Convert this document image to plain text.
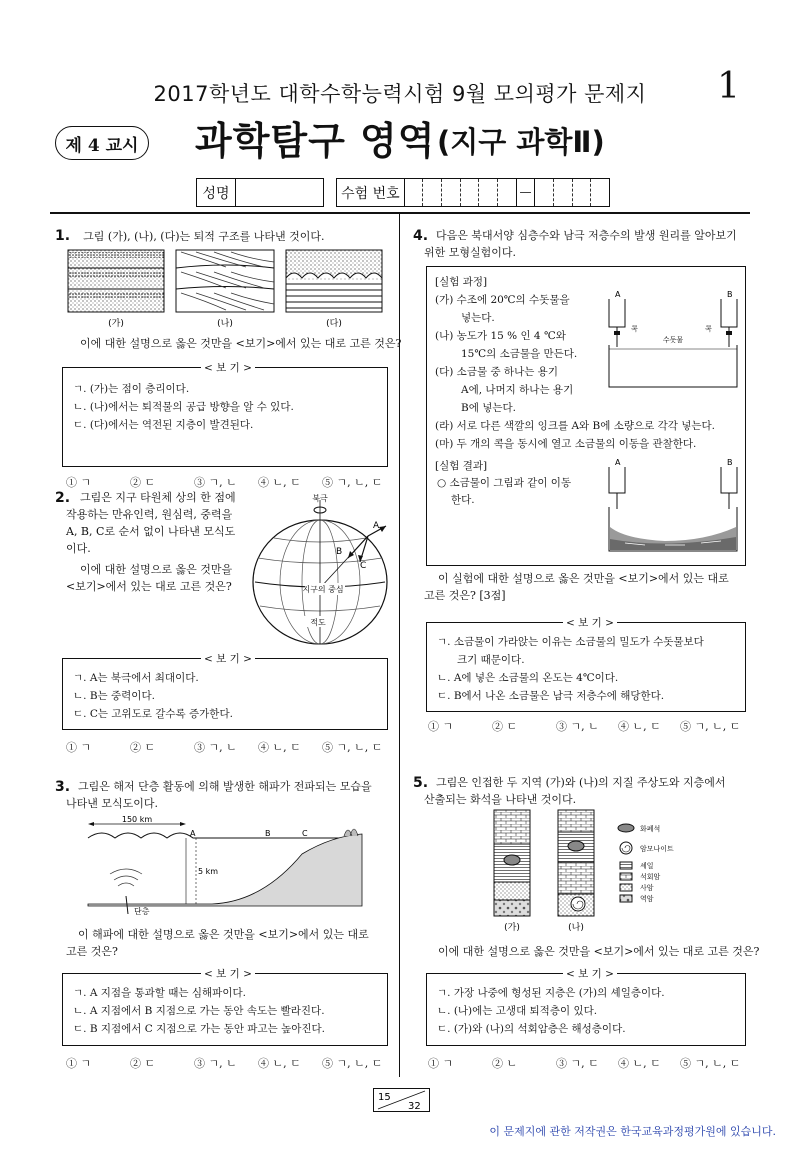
2017학년도 대학수학능력시험 9월 모의평가 문제지	1
제 4 교시 과학탐구 영역 (지구 과학Ⅱ)
성명	수험 번호	—
1. 그림 (가), (나), (다)는 퇴적 구조를 나타낸 것이다.
(가)	(나)	(다)
이에 대한 설명으로 옳은 것만을 <보기>에서 있는 대로 고른 것은?
< 보 기 >
ㄱ. (가)는 점이 층리이다.
ㄴ. (나)에서는 퇴적물의 공급 방향을 알 수 있다.
ㄷ. (다)에서는 역전된 지층이 발견된다.
① ㄱ	② ㄷ	③ ㄱ, ㄴ	④ ㄴ, ㄷ	⑤ ㄱ, ㄴ, ㄷ
2. 그림은 지구 타원체 상의 한 점에
작용하는 만유인력, 원심력, 중력을
A, B, C로 순서 없이 나타낸 모식도
이다.
이에 대한 설명으로 옳은 것만을
<보기>에서 있는 대로 고른 것은?
북극
A
B
C
지구의 중심
적도
< 보 기 >
ㄱ. A는 북극에서 최대이다.
ㄴ. B는 중력이다.
ㄷ. C는 고위도로 갈수록 증가한다.
① ㄱ	② ㄷ	③ ㄱ, ㄴ	④ ㄴ, ㄷ	⑤ ㄱ, ㄴ, ㄷ
3. 그림은 해저 단층 활동에 의해 발생한 해파가 전파되는 모습을
나타낸 모식도이다.
150 km
A	B	C
5 km
단층
이 해파에 대한 설명으로 옳은 것만을 <보기>에서 있는 대로
고른 것은?
< 보 기 >
ㄱ. A 지점을 통과할 때는 심해파이다.
ㄴ. A 지점에서 B 지점으로 가는 동안 속도는 빨라진다.
ㄷ. B 지점에서 C 지점으로 가는 동안 파고는 높아진다.
① ㄱ	② ㄷ	③ ㄱ, ㄴ	④ ㄴ, ㄷ	⑤ ㄱ, ㄴ, ㄷ
4. 다음은 북대서양 심층수와 남극 저층수의 발생 원리를 알아보기
위한 모형실험이다.
[실험 과정]
(가) 수조에 20℃의 수돗물을
넣는다.
(나) 농도가 15 % 인 4 ℃와
15℃의 소금물을 만든다.
(다) 소금물 중 하나는 용기
A에, 나머지 하나는 용기
B에 넣는다.
(라) 서로 다른 색깔의 잉크를 A와 B에 소량으로 각각 넣는다.
(마) 두 개의 콕을 동시에 열고 소금물의 이동을 관찰한다.
A	B
콕	콕
수돗물
[실험 결과]
○ 소금물이 그림과 같이 이동
한다.
A	B
이 실험에 대한 설명으로 옳은 것만을 <보기>에서 있는 대로
고른 것은? [3점]
< 보 기 >
ㄱ. 소금물이 가라앉는 이유는 소금물의 밀도가 수돗물보다
크기 때문이다.
ㄴ. A에 넣은 소금물의 온도는 4℃이다.
ㄷ. B에서 나온 소금물은 남극 저층수에 해당한다.
① ㄱ	② ㄷ	③ ㄱ, ㄴ	④ ㄴ, ㄷ	⑤ ㄱ, ㄴ, ㄷ
5. 그림은 인접한 두 지역 (가)와 (나)의 지질 주상도와 지층에서
산출되는 화석을 나타낸 것이다.
(가)	(나)
화폐석
암모나이트
셰일
석회암
사암
역암
이에 대한 설명으로 옳은 것만을 <보기>에서 있는 대로 고른 것은?
< 보 기 >
ㄱ. 가장 나중에 형성된 지층은 (가)의 셰일층이다.
ㄴ. (나)에는 고생대 퇴적층이 있다.
ㄷ. (가)와 (나)의 석회암층은 해성층이다.
① ㄱ	② ㄴ	③ ㄱ, ㄷ	④ ㄴ, ㄷ	⑤ ㄱ, ㄴ, ㄷ
15
32
이 문제지에 관한 저작권은 한국교육과정평가원에 있습니다.
